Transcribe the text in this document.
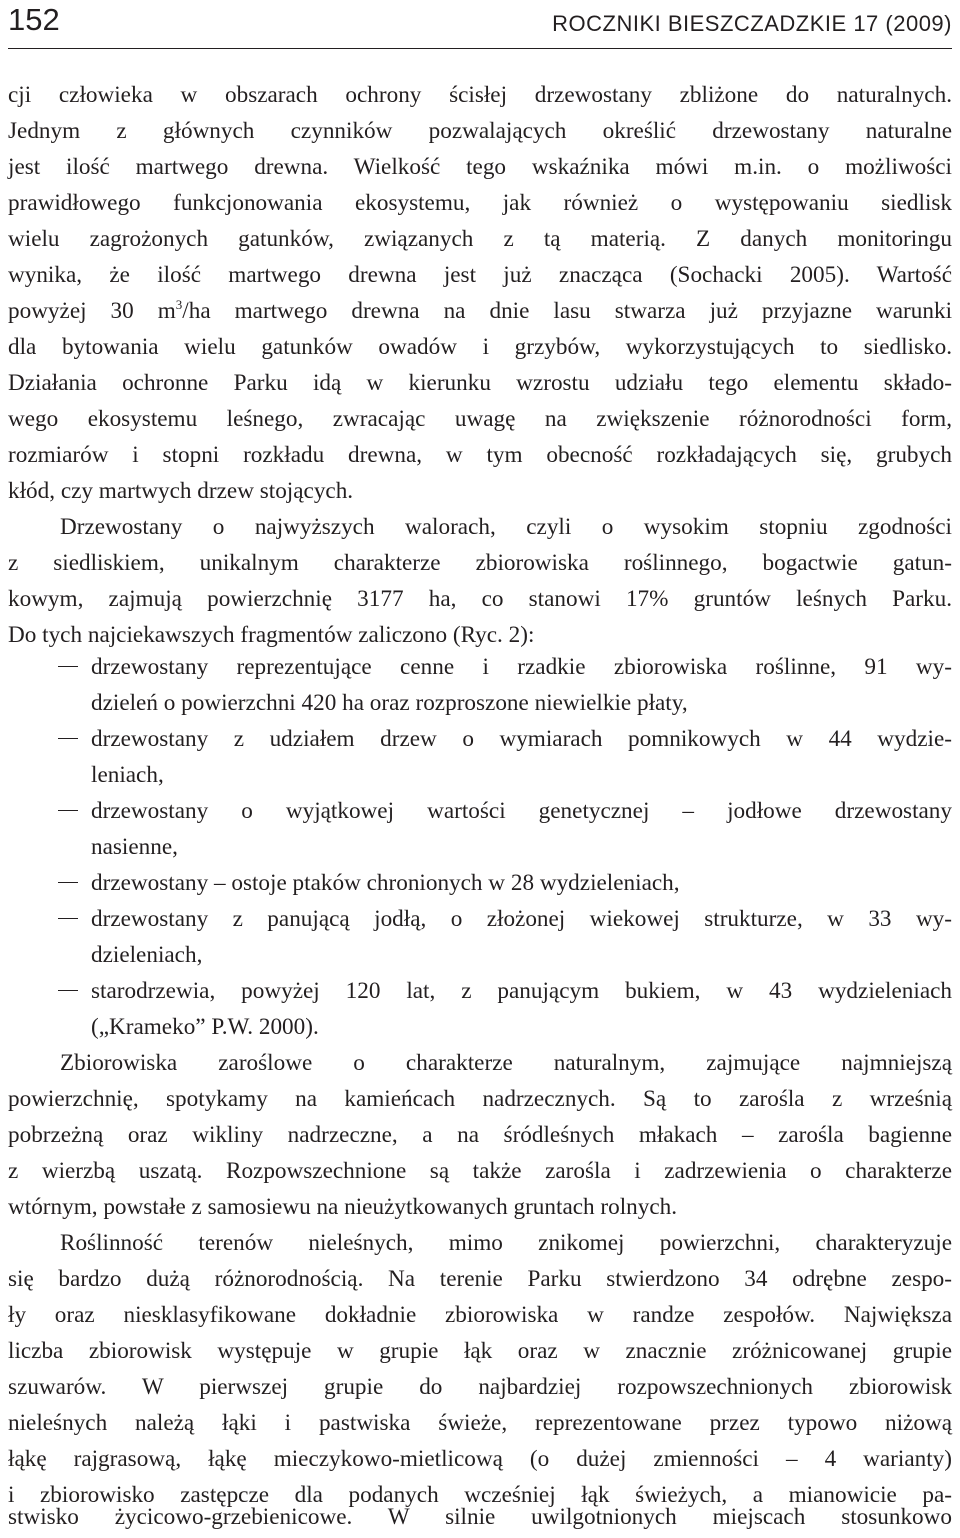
152	ROCZNIKI BIESZCZADZKIE 17 (2009)
cji człowieka w obszarach ochrony ścisłej drzewostany zbliżone do naturalnych.
Jednym z głównych czynników pozwalających określić drzewostany naturalne
jest ilość martwego drewna. Wielkość tego wskaźnika mówi m.in. o możliwości
prawidłowego funkcjonowania ekosystemu, jak również o występowaniu siedlisk
wielu zagrożonych gatunków, związanych z tą materią. Z danych monitoringu
wynika, że ilość martwego drewna jest już znacząca (Sochacki 2005). Wartość
powyżej 30 $m^3/ha$ martwego drewna na dnie lasu stwarza już przyjazne warunki
dla bytowania wielu gatunków owadów i grzybów, wykorzystujących to siedlisko.
Działania ochronne Parku idą w kierunku wzrostu udziału tego elementu składo-
wego ekosystemu leśnego, zwracając uwagę na zwiększenie różnorodności form,
rozmiarów i stopni rozkładu drewna, w tym obecność rozkładających się, grubych
kłód, czy martwych drzew stojących.
Drzewostany o najwyższych walorach, czyli o wysokim stopniu zgodności
z siedliskiem, unikalnym charakterze zbiorowiska roślinnego, bogactwie gatun-
kowym, zajmują powierzchnię 3177 ha, co stanowi 17% gruntów leśnych Parku.
Do tych najciekawszych fragmentów zaliczono (Ryc. 2):
drzewostany reprezentujące cenne i rzadkie zbiorowiska roślinne, 91 wy-
dzieleń o powierzchni 420 ha oraz rozproszone niewielkie płaty,
drzewostany z udziałem drzew o wymiarach pomnikowych w 44 wydzie-
leniach,
drzewostany o wyjątkowej wartości genetycznej – jodłowe drzewostany
nasienne,
drzewostany – ostoje ptaków chronionych w 28 wydzieleniach,
drzewostany z panującą jodłą, o złożonej wiekowej strukturze, w 33 wy-
dzieleniach,
starodrzewia, powyżej 120 lat, z panującym bukiem, w 43 wydzieleniach
(„Krameko” P.W. 2000).
Zbiorowiska zaroślowe o charakterze naturalnym, zajmujące najmniejszą
powierzchnię, spotykamy na kamieńcach nadrzecznych. Są to zarośla z wrześnią
pobrzeżną oraz wikliny nadrzeczne, a na śródleśnych młakach – zarośla bagienne
z wierzbą uszatą. Rozpowszechnione są także zarośla i zadrzewienia o charakterze
wtórnym, powstałe z samosiewu na nieużytkowanych gruntach rolnych.
Roślinność terenów nieleśnych, mimo znikomej powierzchni, charakteryzuje
się bardzo dużą różnorodnością. Na terenie Parku stwierdzono 34 odrębne zespo-
ły oraz niesklasyfikowane dokładnie zbiorowiska w randze zespołów. Największa
liczba zbiorowisk występuje w grupie łąk oraz w znacznie zróżnicowanej grupie
szuwarów. W pierwszej grupie do najbardziej rozpowszechnionych zbiorowisk
nieleśnych należą łąki i pastwiska świeże, reprezentowane przez typowo niżową
łąkę rajgrasową, łąkę mieczykowo-mietlicową (o dużej zmienności – 4 warianty)
i zbiorowisko zastępcze dla podanych wcześniej łąk świeżych, a mianowicie pa-
stwisko życicowo-grzebienicowe. W silnie uwilgotnionych miejscach stosunkowo
